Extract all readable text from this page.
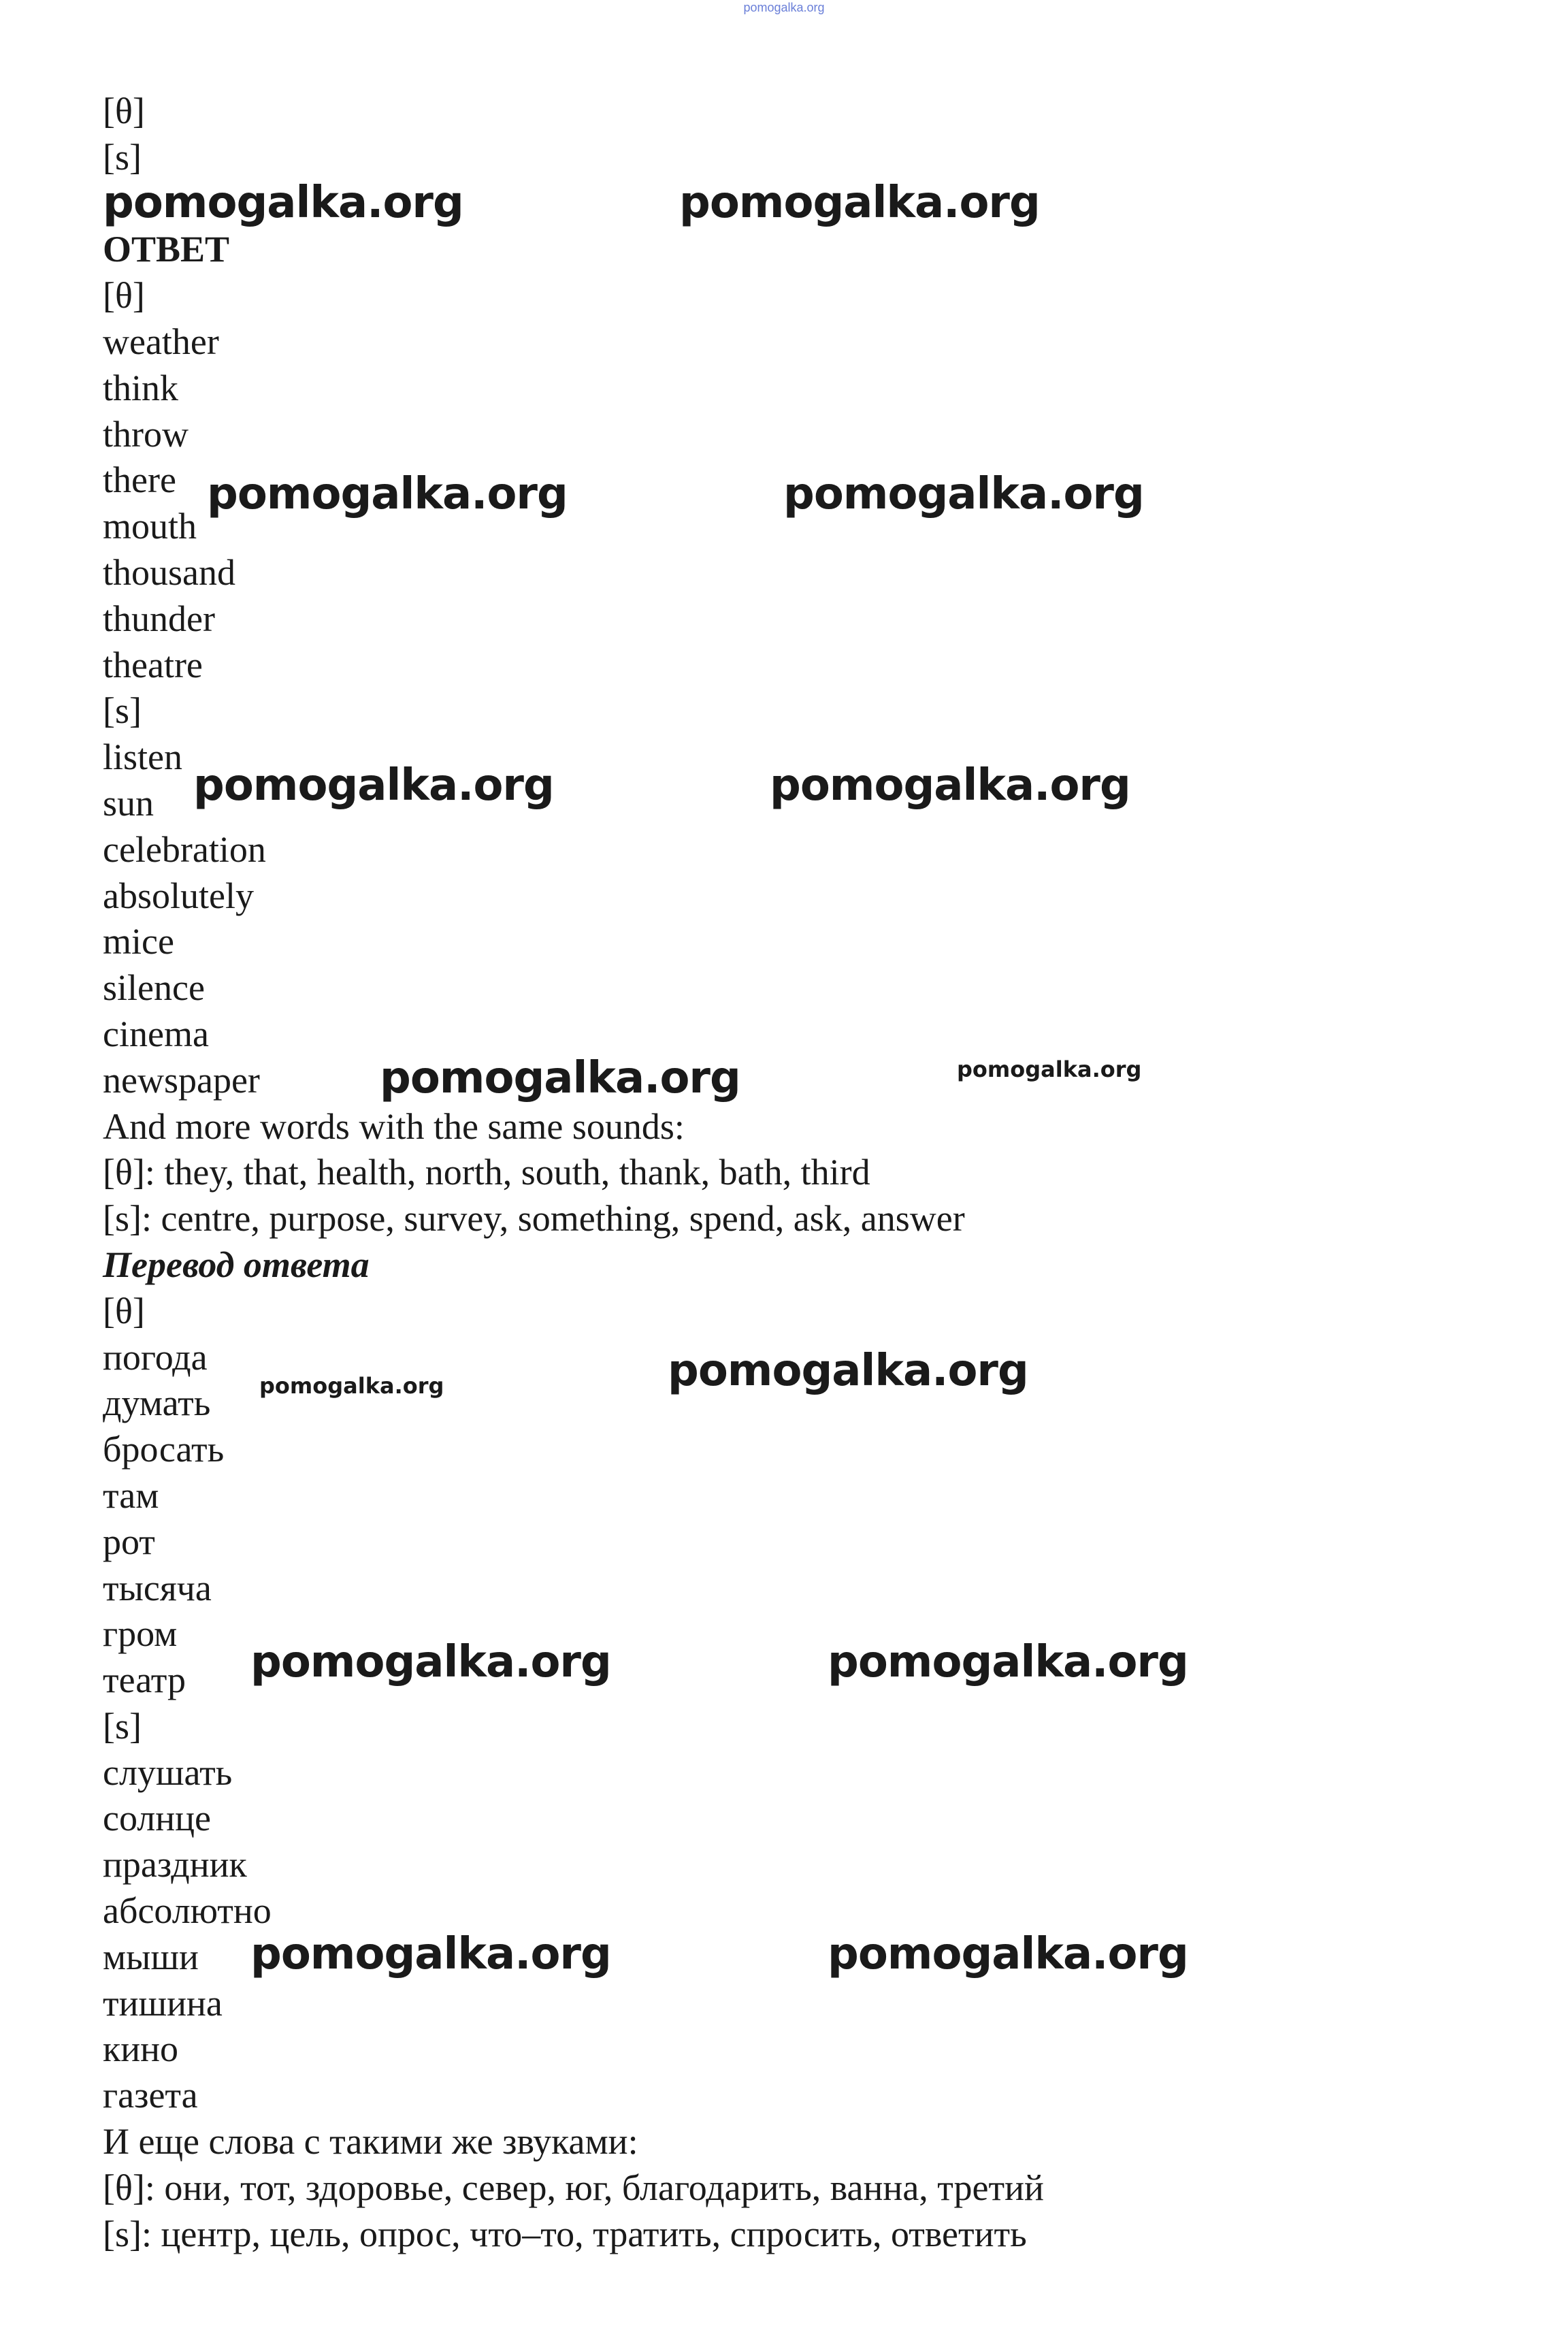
pomogalka.org
[θ]
[s]
ОТВЕТ
[θ]
weather
think
throw
there
mouth
thousand
thunder
theatre
[s]
listen
sun
celebration
absolutely
mice
silence
cinema
newspaper
And more words with the same sounds:
[θ]: they, that, health, north, south, thank, bath, third
[s]: centre, purpose, survey, something, spend, ask, answer
Перевод ответа
[θ]
погода
думать
бросать
там
рот
тысяча
гром
театр
[s]
слушать
солнце
праздник
абсолютно
мыши
тишина
кино
газета
И еще слова с такими же звуками:
[θ]: они, тот, здоровье, север, юг, благодарить, ванна, третий
[s]: центр, цель, опрос, что–то, тратить, спросить, ответить
pomogalka.org	pomogalka.org
pomogalka.org	pomogalka.org
pomogalka.org	pomogalka.org
pomogalka.org	pomogalka.org
pomogalka.org	pomogalka.org
pomogalka.org	pomogalka.org
pomogalka.org	pomogalka.org
